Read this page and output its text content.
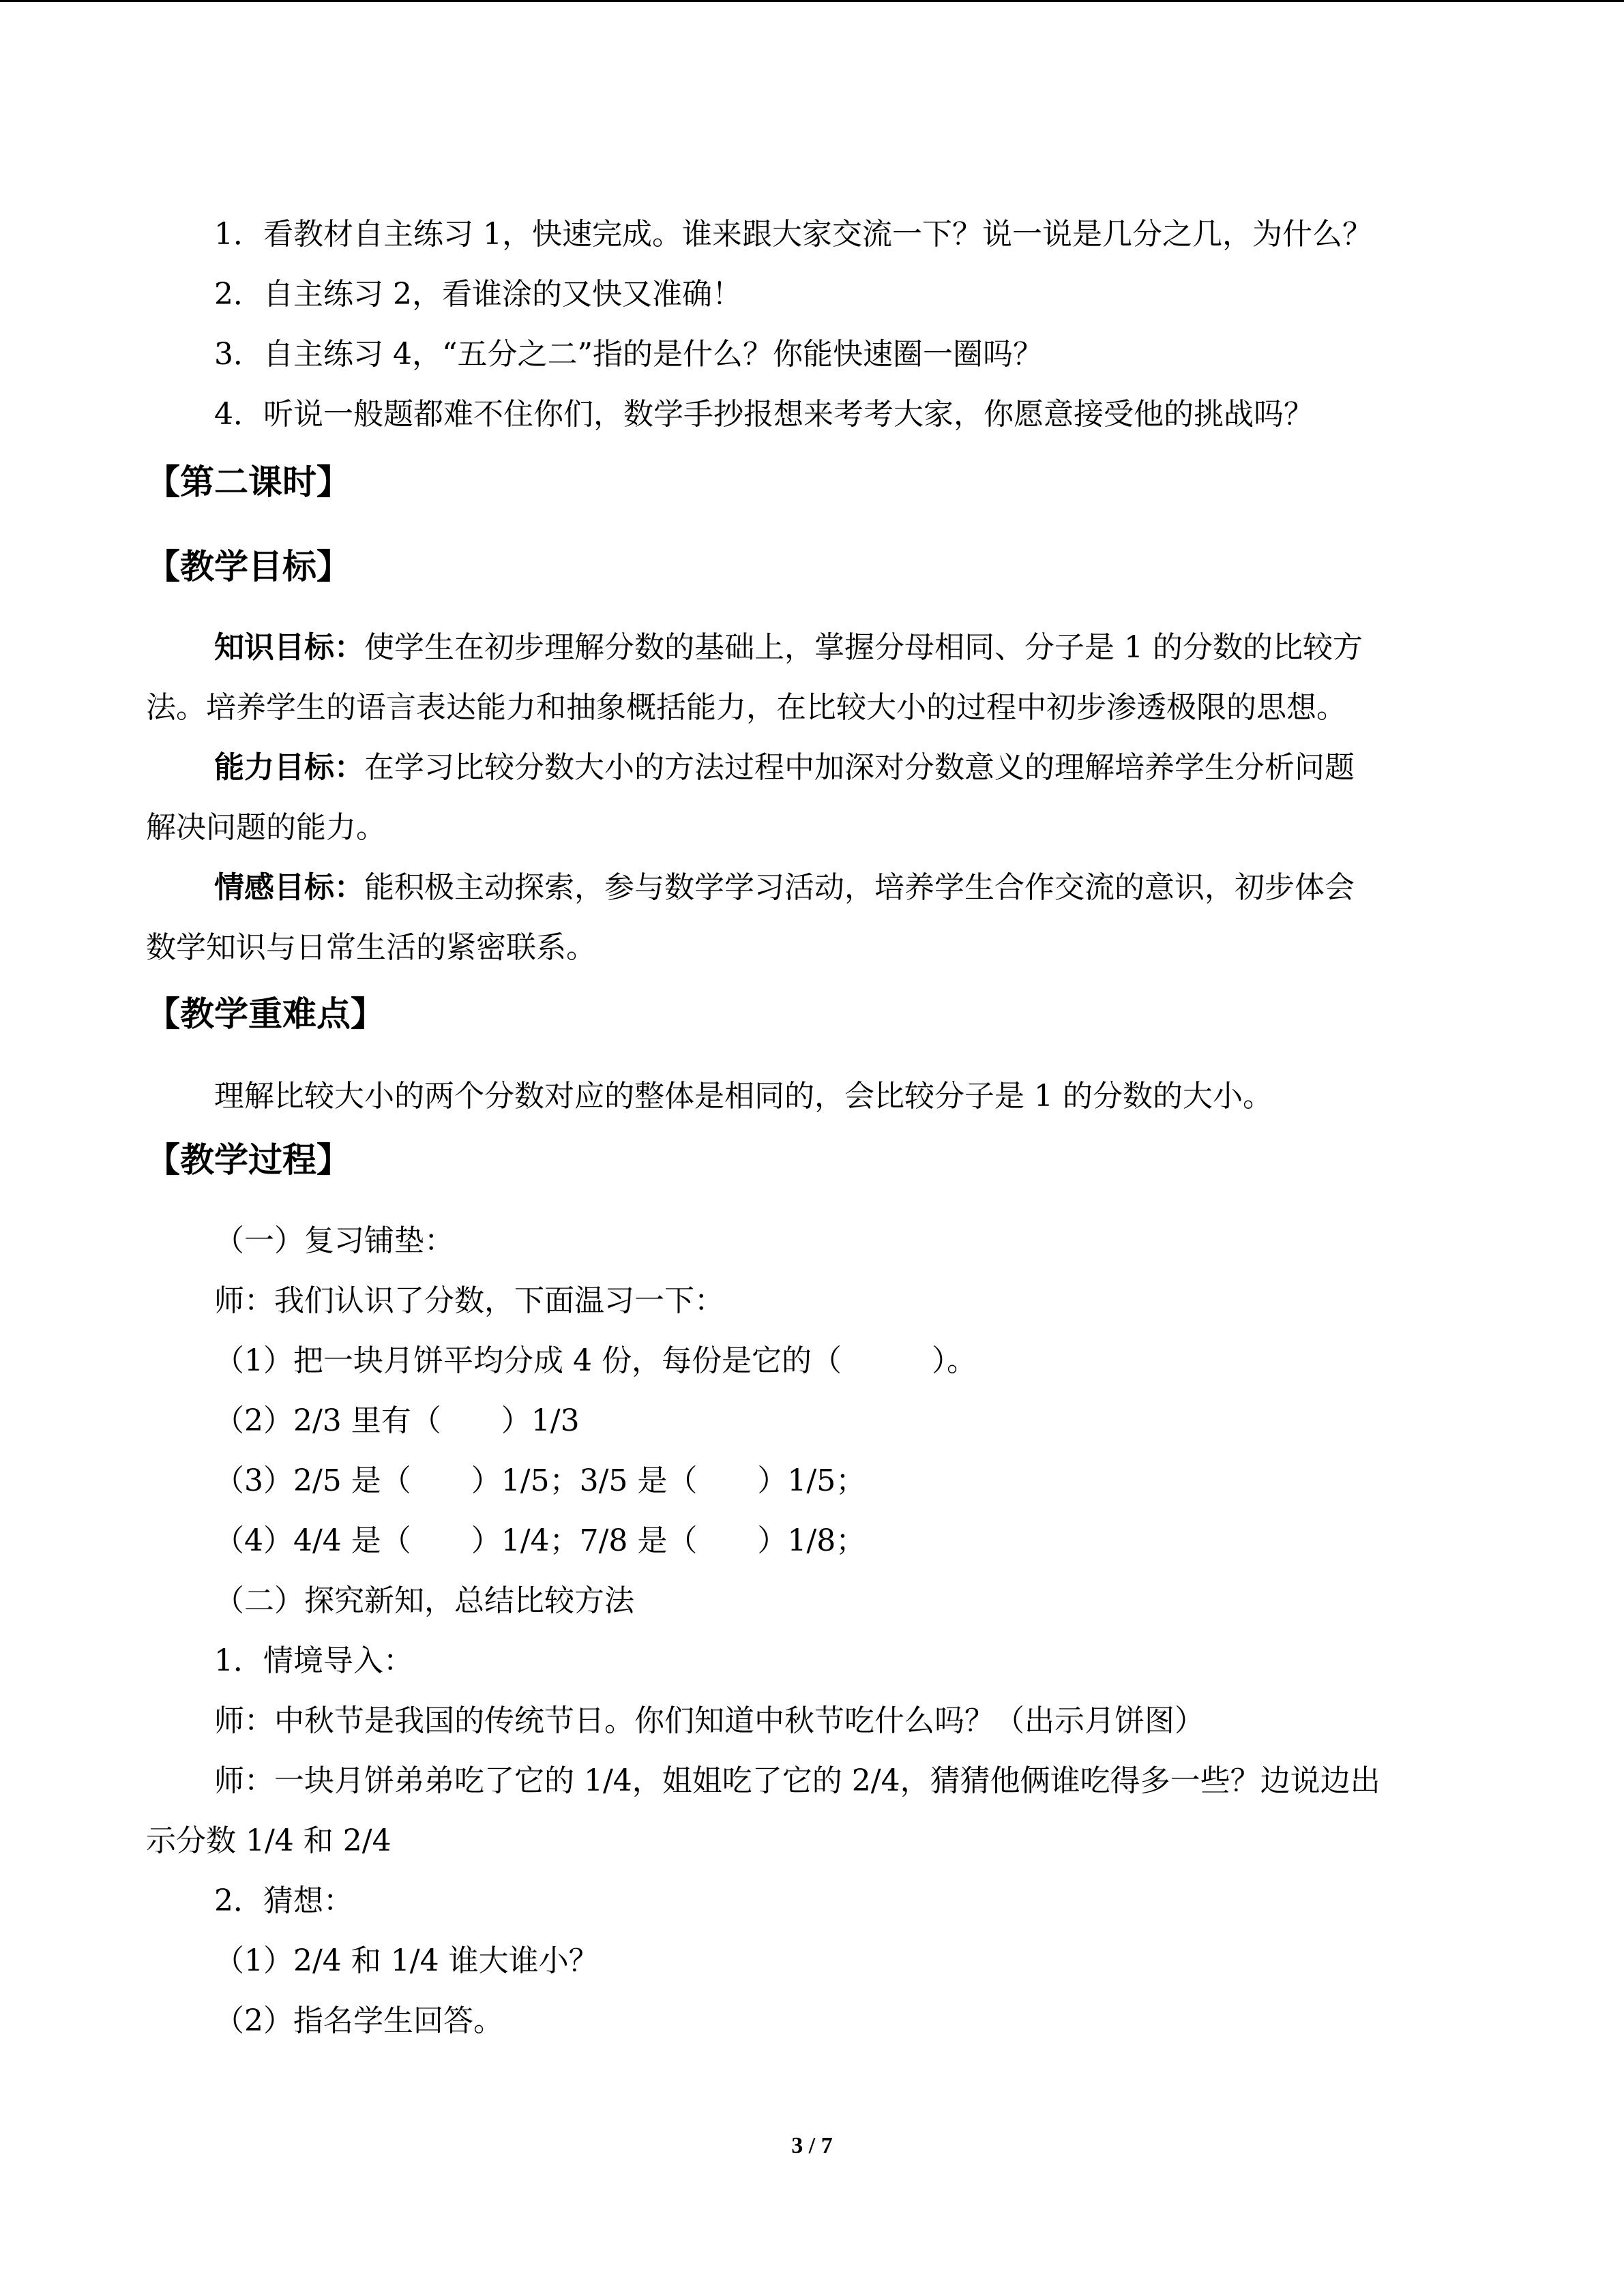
1．看教材自主练习 1，快速完成。谁来跟大家交流一下？说一说是几分之几，为什么？
2．自主练习 2，看谁涂的又快又准确！
3．自主练习 4，“五分之二”指的是什么？你能快速圈一圈吗？
4．听说一般题都难不住你们，数学手抄报想来考考大家，你愿意接受他的挑战吗？
【第二课时】
【教学目标】
知识目标：使学生在初步理解分数的基础上，掌握分母相同、分子是 1 的分数的比较方
法。培养学生的语言表达能力和抽象概括能力，在比较大小的过程中初步渗透极限的思想。
能力目标：在学习比较分数大小的方法过程中加深对分数意义的理解培养学生分析问题
解决问题的能力。
情感目标：能积极主动探索，参与数学学习活动，培养学生合作交流的意识，初步体会
数学知识与日常生活的紧密联系。
【教学重难点】
理解比较大小的两个分数对应的整体是相同的，会比较分子是 1 的分数的大小。
【教学过程】
（一）复习铺垫：
师：我们认识了分数，下面温习一下：
（1）把一块月饼平均分成 4 份，每份是它的（　　　）。
（2）2/3 里有（　　）1/3
（3）2/5 是（　　）1/5；3/5 是（　　）1/5；
（4）4/4 是（　　）1/4；7/8 是（　　）1/8；
（二）探究新知，总结比较方法
1．情境导入：
师：中秋节是我国的传统节日。你们知道中秋节吃什么吗？（出示月饼图）
师：一块月饼弟弟吃了它的 1/4，姐姐吃了它的 2/4，猜猜他俩谁吃得多一些？边说边出
示分数 1/4 和 2/4
2．猜想：
（1）2/4 和 1/4 谁大谁小？
（2）指名学生回答。
3 / 7
